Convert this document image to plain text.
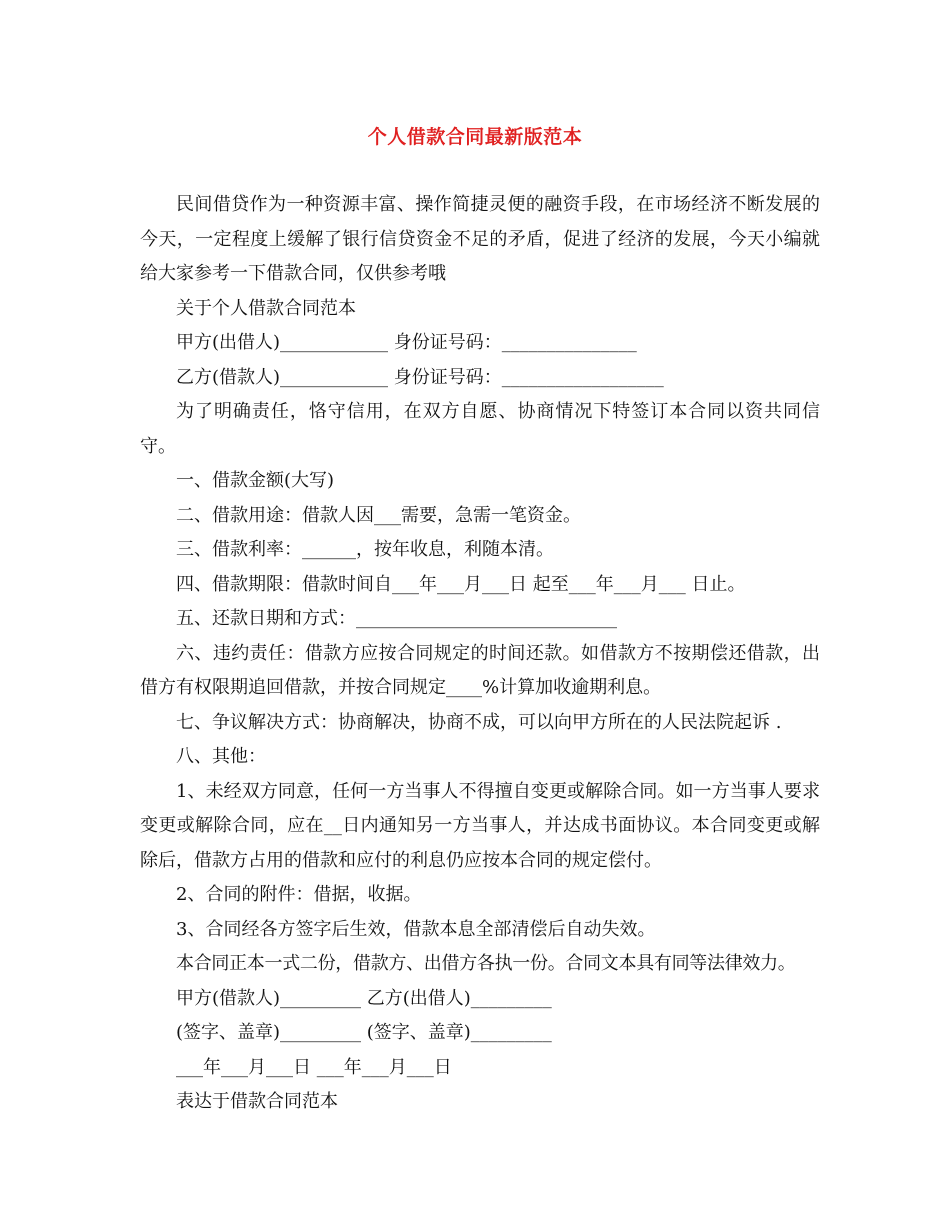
个人借款合同最新版范本

民间借贷作为一种资源丰富、操作简捷灵便的融资手段，在市场经济不断发展的今天，一定程度上缓解了银行信贷资金不足的矛盾，促进了经济的发展，今天小编就给大家参考一下借款合同，仅供参考哦

关于个人借款合同范本

甲方(出借人)____________ 身份证号码：_______________

乙方(借款人)____________ 身份证号码：__________________

为了明确责任，恪守信用，在双方自愿、协商情况下特签订本合同以资共同信守。

一、借款金额(大写)

二、借款用途：借款人因___需要，急需一笔资金。

三、借款利率：______，按年收息，利随本清。

四、借款期限：借款时间自___年___月___日 起至___年___月___ 日止。

五、还款日期和方式：_____________________________

六、违约责任：借款方应按合同规定的时间还款。如借款方不按期偿还借款，出借方有权限期追回借款，并按合同规定____%计算加收逾期利息。

七、争议解决方式：协商解决，协商不成，可以向甲方所在的人民法院起诉 .

八、其他：

1、未经双方同意，任何一方当事人不得擅自变更或解除合同。如一方当事人要求变更或解除合同，应在__日内通知另一方当事人，并达成书面协议。本合同变更或解除后，借款方占用的借款和应付的利息仍应按本合同的规定偿付。

2、合同的附件：借据，收据。

3、合同经各方签字后生效，借款本息全部清偿后自动失效。

本合同正本一式二份，借款方、出借方各执一份。合同文本具有同等法律效力。

甲方(借款人)_________ 乙方(出借人)_________

(签字、盖章)_________ (签字、盖章)_________

___年___月___日 ___年___月___日

表达于借款合同范本
